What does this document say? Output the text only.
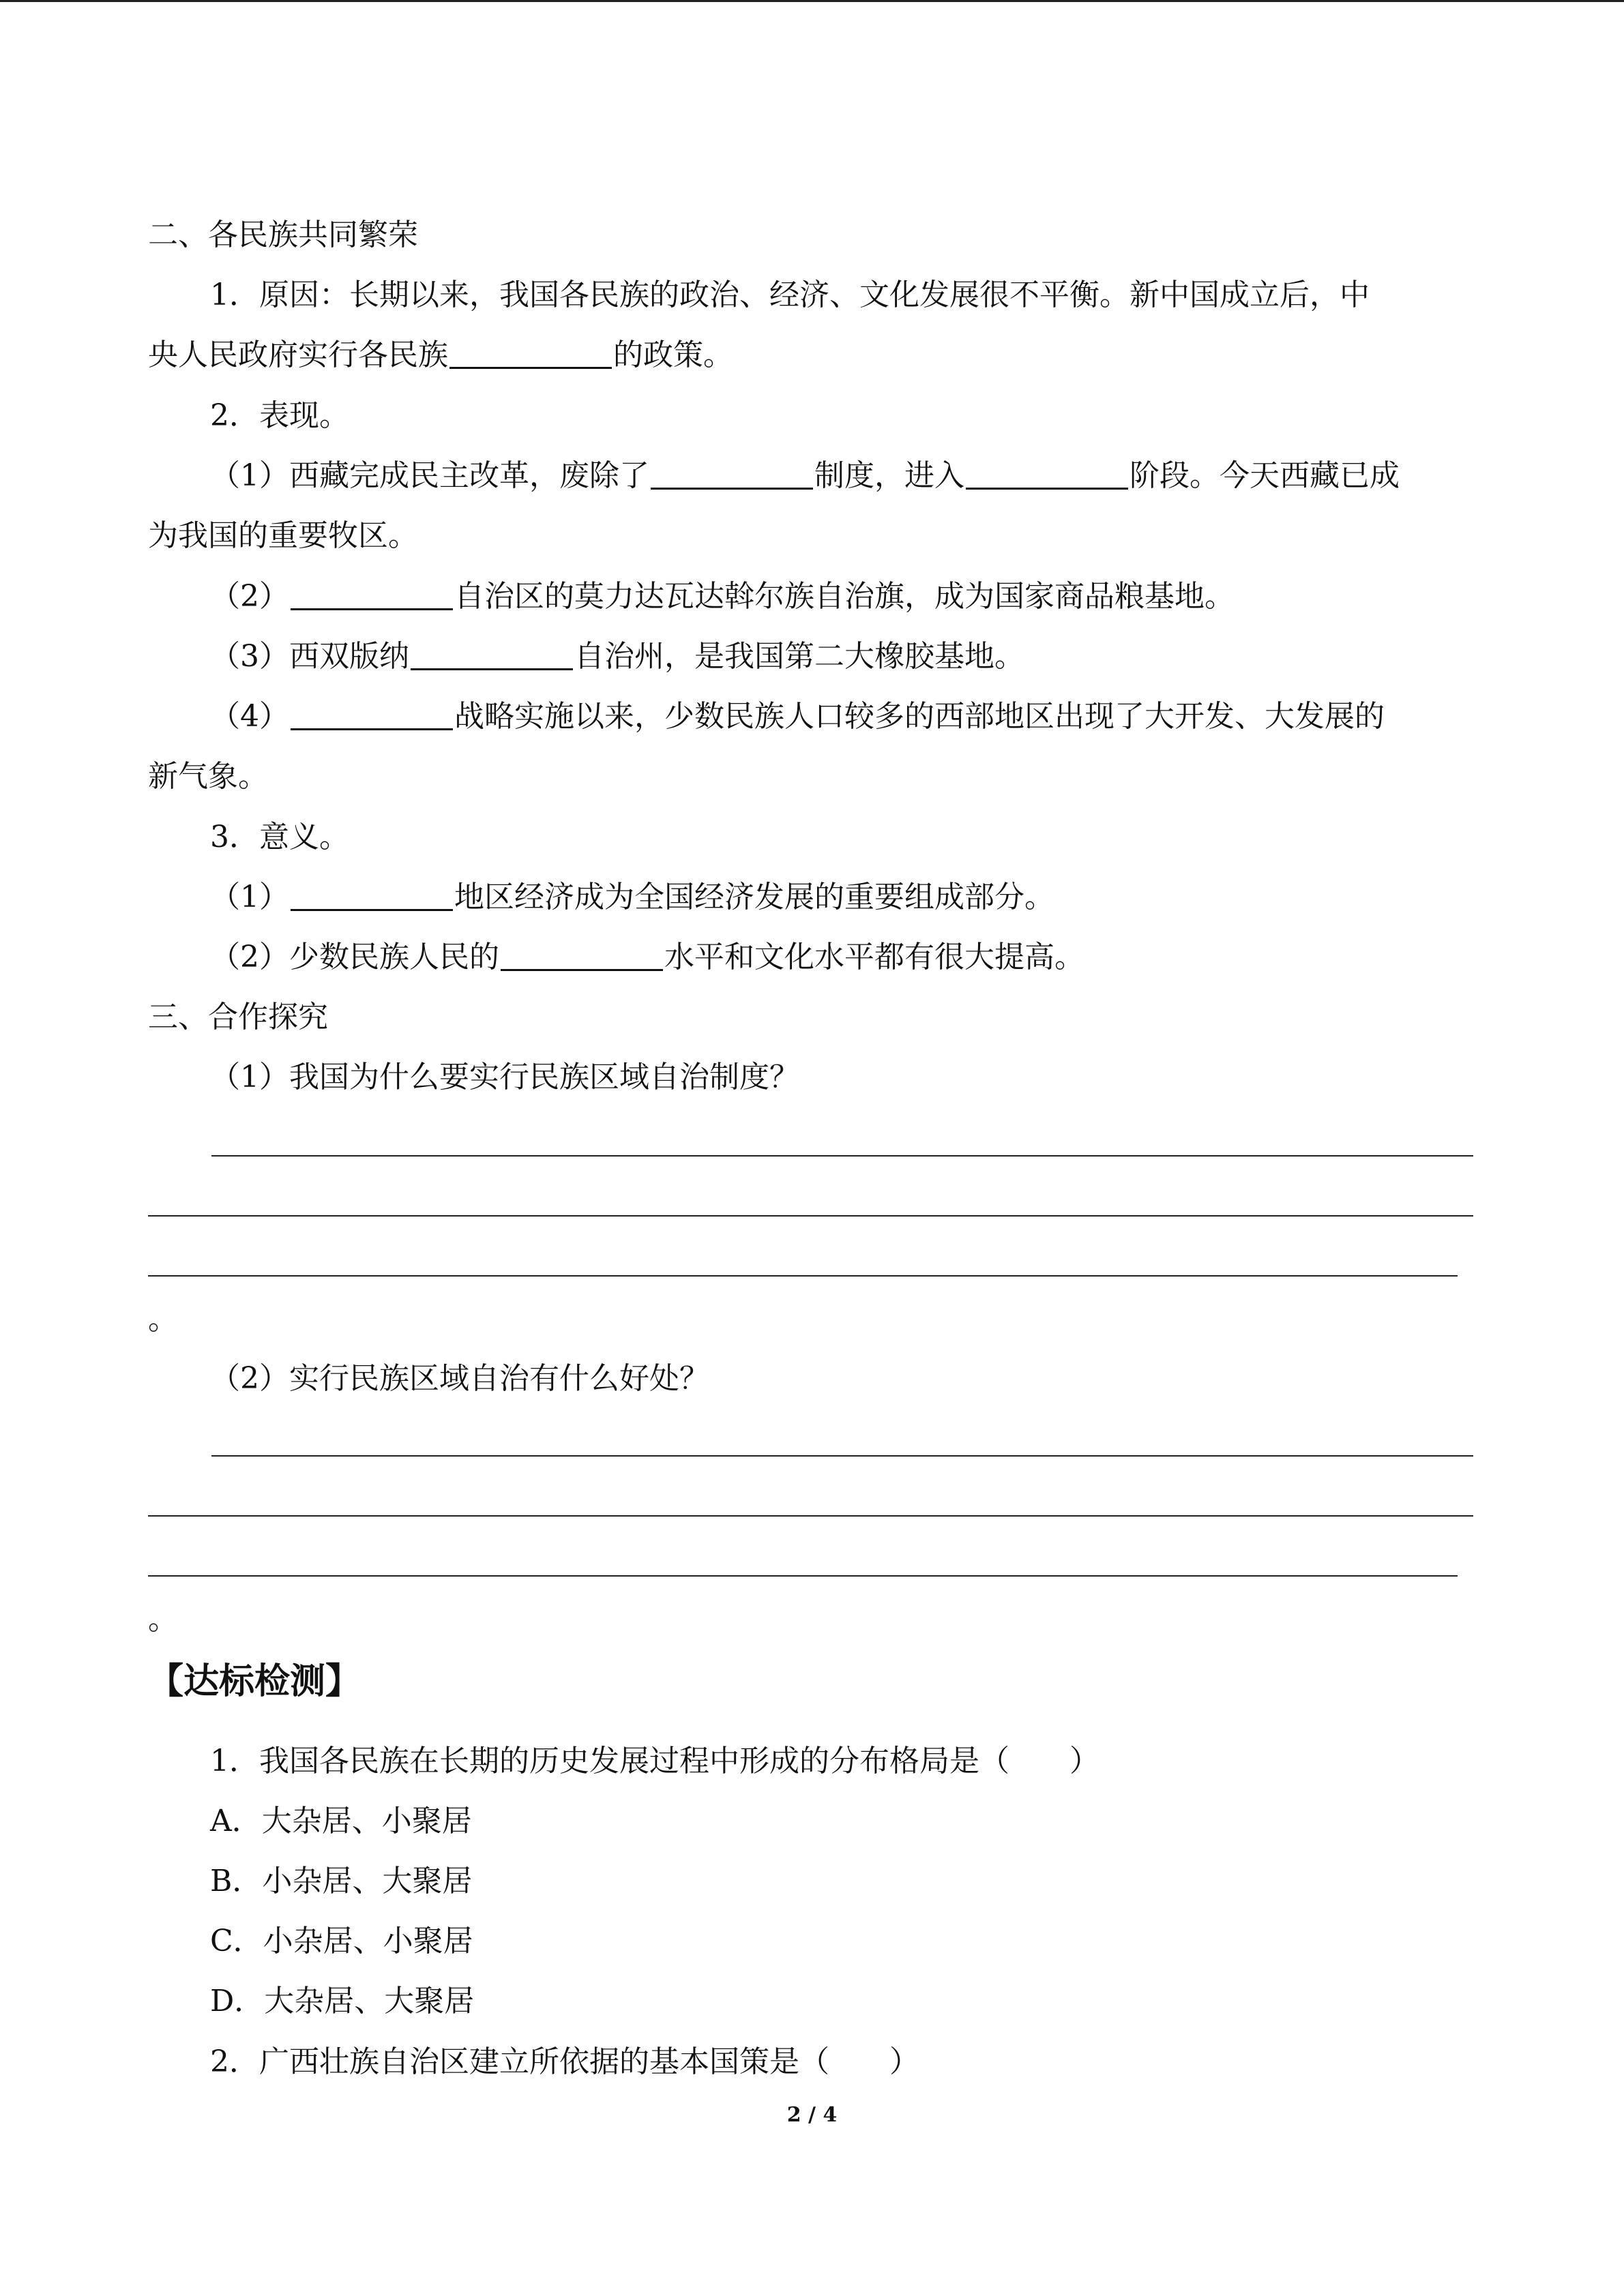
二、各民族共同繁荣
1．原因：长期以来，我国各民族的政治、经济、文化发展很不平衡。新中国成立后，中
央人民政府实行各民族	的政策。
2．表现。
（1）西藏完成民主改革，废除了	制度，进入	阶段。今天西藏已成
为我国的重要牧区。
（2）	自治区的莫力达瓦达斡尔族自治旗，成为国家商品粮基地。
（3）西双版纳	自治州，是我国第二大橡胶基地。
（4）	战略实施以来，少数民族人口较多的西部地区出现了大开发、大发展的
新气象。
3．意义。
（1）	地区经济成为全国经济发展的重要组成部分。
（2）少数民族人民的	水平和文化水平都有很大提高。
三、合作探究
（1）我国为什么要实行民族区域自治制度？
。
（2）实行民族区域自治有什么好处？
。
【达标检测】
1．我国各民族在长期的历史发展过程中形成的分布格局是（　　）
A．大杂居、小聚居
B．小杂居、大聚居
C．小杂居、小聚居
D．大杂居、大聚居
2．广西壮族自治区建立所依据的基本国策是（　　）
2 / 4
